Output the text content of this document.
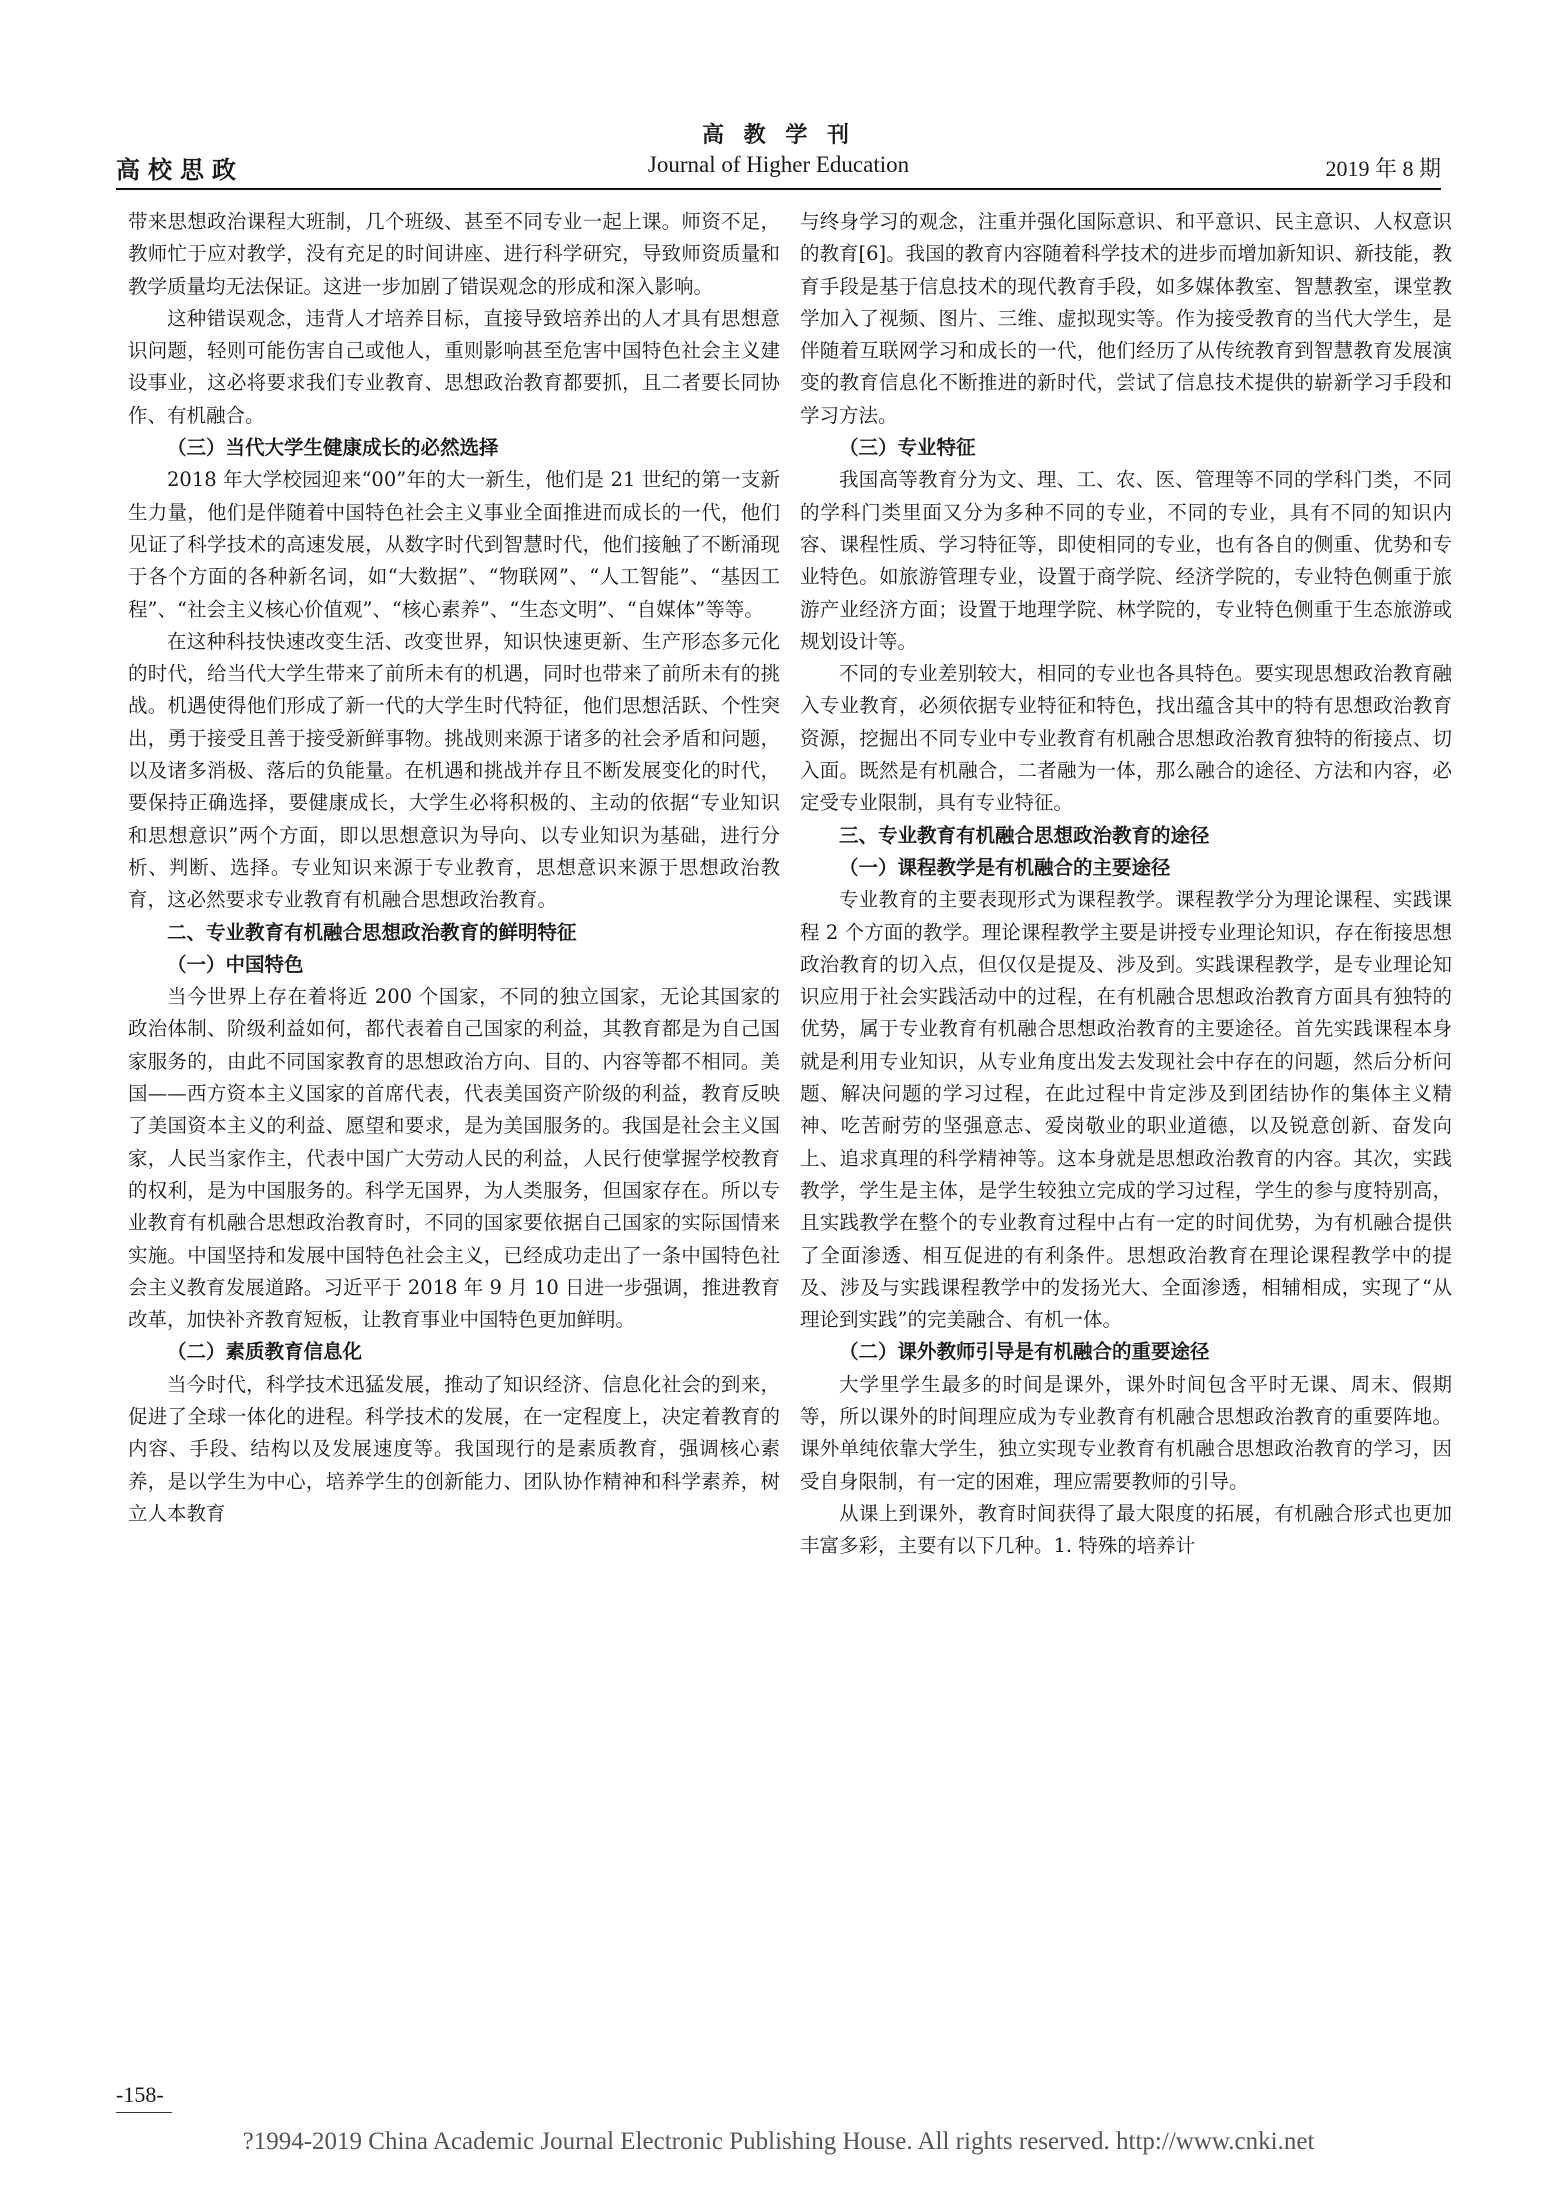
高 教 学 刊
高校思政	Journal of Higher Education	2019 年 8 期

带来思想政治课程大班制，几个班级、甚至不同专业一起上课。师资不足，教师忙于应对教学，没有充足的时间讲座、进行科学研究，导致师资质量和教学质量均无法保证。这进一步加剧了错误观念的形成和深入影响。

这种错误观念，违背人才培养目标，直接导致培养出的人才具有思想意识问题，轻则可能伤害自己或他人，重则影响甚至危害中国特色社会主义建设事业，这必将要求我们专业教育、思想政治教育都要抓，且二者要长同协作、有机融合。

（三）当代大学生健康成长的必然选择

2018 年大学校园迎来“00”年的大一新生，他们是 21 世纪的第一支新生力量，他们是伴随着中国特色社会主义事业全面推进而成长的一代，他们见证了科学技术的高速发展，从数字时代到智慧时代，他们接触了不断涌现于各个方面的各种新名词，如“大数据”、“物联网”、“人工智能”、“基因工程”、“社会主义核心价值观”、“核心素养”、“生态文明”、“自媒体”等等。

在这种科技快速改变生活、改变世界，知识快速更新、生产形态多元化的时代，给当代大学生带来了前所未有的机遇，同时也带来了前所未有的挑战。机遇使得他们形成了新一代的大学生时代特征，他们思想活跃、个性突出，勇于接受且善于接受新鲜事物。挑战则来源于诸多的社会矛盾和问题，以及诸多消极、落后的负能量。在机遇和挑战并存且不断发展变化的时代，要保持正确选择，要健康成长，大学生必将积极的、主动的依据“专业知识和思想意识”两个方面，即以思想意识为导向、以专业知识为基础，进行分析、判断、选择。专业知识来源于专业教育，思想意识来源于思想政治教育，这必然要求专业教育有机融合思想政治教育。

二、专业教育有机融合思想政治教育的鲜明特征

（一）中国特色

当今世界上存在着将近 200 个国家，不同的独立国家，无论其国家的政治体制、阶级利益如何，都代表着自己国家的利益，其教育都是为自己国家服务的，由此不同国家教育的思想政治方向、目的、内容等都不相同。美国——西方资本主义国家的首席代表，代表美国资产阶级的利益，教育反映了美国资本主义的利益、愿望和要求，是为美国服务的。我国是社会主义国家，人民当家作主，代表中国广大劳动人民的利益，人民行使掌握学校教育的权利，是为中国服务的。科学无国界，为人类服务，但国家存在。所以专业教育有机融合思想政治教育时，不同的国家要依据自己国家的实际国情来实施。中国坚持和发展中国特色社会主义，已经成功走出了一条中国特色社会主义教育发展道路。习近平于 2018 年 9 月 10 日进一步强调，推进教育改革，加快补齐教育短板，让教育事业中国特色更加鲜明。

（二）素质教育信息化

当今时代，科学技术迅猛发展，推动了知识经济、信息化社会的到来，促进了全球一体化的进程。科学技术的发展，在一定程度上，决定着教育的内容、手段、结构以及发展速度等。我国现行的是素质教育，强调核心素养，是以学生为中心，培养学生的创新能力、团队协作精神和科学素养，树立人本教育

与终身学习的观念，注重并强化国际意识、和平意识、民主意识、人权意识的教育[6]。我国的教育内容随着科学技术的进步而增加新知识、新技能，教育手段是基于信息技术的现代教育手段，如多媒体教室、智慧教室，课堂教学加入了视频、图片、三维、虚拟现实等。作为接受教育的当代大学生，是伴随着互联网学习和成长的一代，他们经历了从传统教育到智慧教育发展演变的教育信息化不断推进的新时代，尝试了信息技术提供的崭新学习手段和学习方法。

（三）专业特征

我国高等教育分为文、理、工、农、医、管理等不同的学科门类，不同的学科门类里面又分为多种不同的专业，不同的专业，具有不同的知识内容、课程性质、学习特征等，即使相同的专业，也有各自的侧重、优势和专业特色。如旅游管理专业，设置于商学院、经济学院的，专业特色侧重于旅游产业经济方面；设置于地理学院、林学院的，专业特色侧重于生态旅游或规划设计等。

不同的专业差别较大，相同的专业也各具特色。要实现思想政治教育融入专业教育，必须依据专业特征和特色，找出蕴含其中的特有思想政治教育资源，挖掘出不同专业中专业教育有机融合思想政治教育独特的衔接点、切入面。既然是有机融合，二者融为一体，那么融合的途径、方法和内容，必定受专业限制，具有专业特征。

三、专业教育有机融合思想政治教育的途径

（一）课程教学是有机融合的主要途径

专业教育的主要表现形式为课程教学。课程教学分为理论课程、实践课程 2 个方面的教学。理论课程教学主要是讲授专业理论知识，存在衔接思想政治教育的切入点，但仅仅是提及、涉及到。实践课程教学，是专业理论知识应用于社会实践活动中的过程，在有机融合思想政治教育方面具有独特的优势，属于专业教育有机融合思想政治教育的主要途径。首先实践课程本身就是利用专业知识，从专业角度出发去发现社会中存在的问题，然后分析问题、解决问题的学习过程，在此过程中肯定涉及到团结协作的集体主义精神、吃苦耐劳的坚强意志、爱岗敬业的职业道德，以及锐意创新、奋发向上、追求真理的科学精神等。这本身就是思想政治教育的内容。其次，实践教学，学生是主体，是学生较独立完成的学习过程，学生的参与度特别高，且实践教学在整个的专业教育过程中占有一定的时间优势，为有机融合提供了全面渗透、相互促进的有利条件。思想政治教育在理论课程教学中的提及、涉及与实践课程教学中的发扬光大、全面渗透，相辅相成，实现了“从理论到实践”的完美融合、有机一体。

（二）课外教师引导是有机融合的重要途径

大学里学生最多的时间是课外，课外时间包含平时无课、周末、假期等，所以课外的时间理应成为专业教育有机融合思想政治教育的重要阵地。课外单纯依靠大学生，独立实现专业教育有机融合思想政治教育的学习，因受自身限制，有一定的困难，理应需要教师的引导。

从课上到课外，教育时间获得了最大限度的拓展，有机融合形式也更加丰富多彩，主要有以下几种。1. 特殊的培养计

-158-
?1994-2019 China Academic Journal Electronic Publishing House. All rights reserved. http://www.cnki.net
